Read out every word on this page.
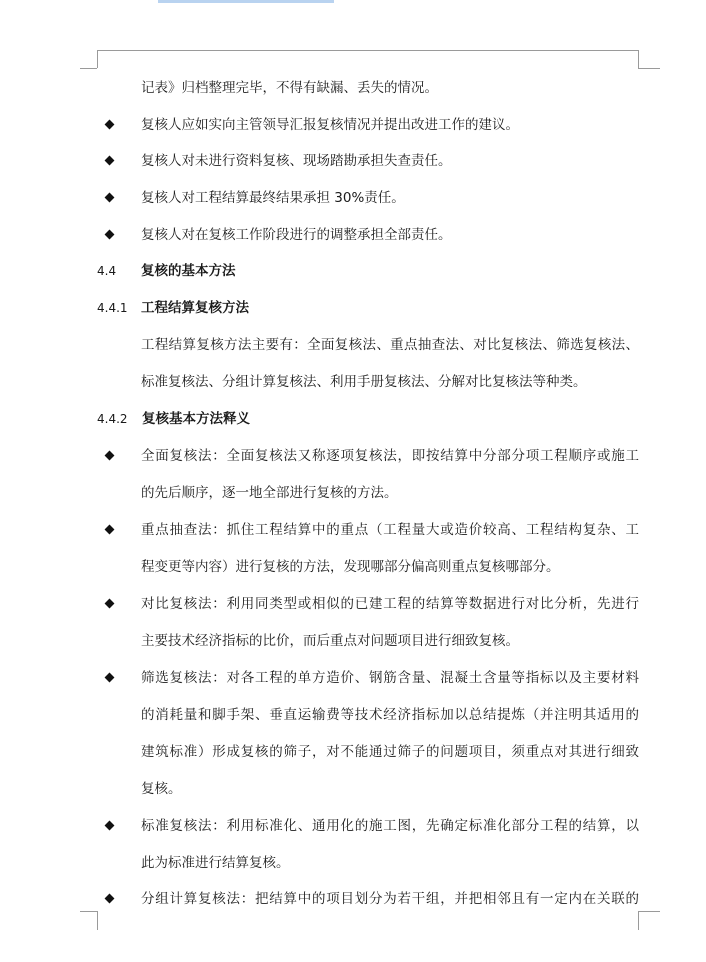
记表》归档整理完毕，不得有缺漏、丢失的情况。
复核人应如实向主管领导汇报复核情况并提出改进工作的建议。
复核人对未进行资料复核、现场踏勘承担失查责任。
复核人对工程结算最终结果承担 30%责任。
复核人对在复核工作阶段进行的调整承担全部责任。
4.4 复核的基本方法
4.4.1 工程结算复核方法
工程结算复核方法主要有：全面复核法、重点抽查法、对比复核法、筛选复核法、
标准复核法、分组计算复核法、利用手册复核法、分解对比复核法等种类。
4.4.2 复核基本方法释义
全面复核法：全面复核法又称逐项复核法，即按结算中分部分项工程顺序或施工
的先后顺序，逐一地全部进行复核的方法。
重点抽查法：抓住工程结算中的重点（工程量大或造价较高、工程结构复杂、工
程变更等内容）进行复核的方法，发现哪部分偏高则重点复核哪部分。
对比复核法：利用同类型或相似的已建工程的结算等数据进行对比分析，先进行
主要技术经济指标的比价，而后重点对问题项目进行细致复核。
筛选复核法：对各工程的单方造价、钢筋含量、混凝土含量等指标以及主要材料
的消耗量和脚手架、垂直运输费等技术经济指标加以总结提炼（并注明其适用的
建筑标准）形成复核的筛子，对不能通过筛子的问题项目，须重点对其进行细致
复核。
标准复核法：利用标准化、通用化的施工图，先确定标准化部分工程的结算，以
此为标准进行结算复核。
分组计算复核法：把结算中的项目划分为若干组，并把相邻且有一定内在关联的
